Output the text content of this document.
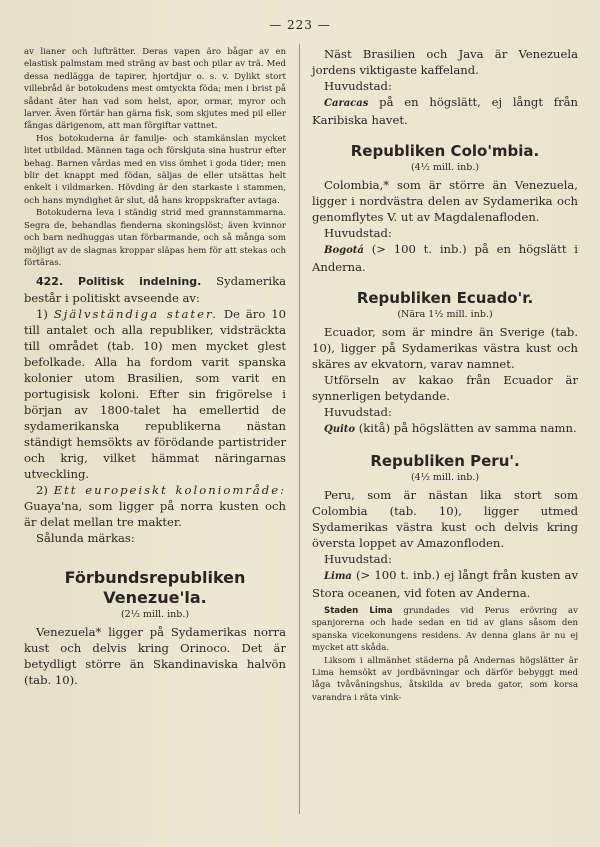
— 223 —

av lianer och lufträtter. Deras vapen äro bågar av en elastisk palmstam med sträng av bast och pilar av trä. Med dessa nedlägga de tapirer, hjortdjur o. s. v. Dylikt stort villebråd är botokudens mest omtyckta föda; men i brist på sådant äter han vad som helst, apor, ormar, myror och larver. Även förtär han gärna fisk, som skjutes med pil eller fångas därigenom, att man förgiftar vattnet.

Hos botokuderna är familje- och stamkänslan mycket litet utbildad. Männen taga och förskjuta sina hustrur efter behag. Barnen vårdas med en viss ömhet i goda tider; men blir det knappt med födan, säljas de eller utsättas helt enkelt i vildmarken. Hövding är den starkaste i stammen, och hans myndighet är slut, då hans kroppskrafter avtaga.

Botokuderna leva i ständig strid med grannstammarna. Segra de, behandlas fienderna skoningslöst; även kvinnor och barn nedhuggas utan förbarmande, och så många som möjligt av de slagnas kroppar släpas hem för att stekas och förtäras.

422. Politisk indelning. Sydamerika består i politiskt avseende av:

1) Självständiga stater. De äro 10 till antalet och alla republiker, vidsträckta till området (tab. 10) men mycket glest befolkade. Alla ha fordom varit spanska kolonier utom Brasilien, som varit en portugisisk koloni. Efter sin frigörelse i början av 1800-talet ha emellertid de sydamerikanska republikerna nästan ständigt hemsökts av förödande partistrider och krig, vilket hämmat näringarnas utveckling.

2) Ett europeiskt koloniområde: Guaya'na, som ligger på norra kusten och är delat mellan tre makter.

Sålunda märkas:

Förbundsrepubliken
Venezue'la.
(2½ mill. inb.)

Venezuela* ligger på Sydamerikas norra kust och delvis kring Orinoco. Det är betydligt större än Skandinaviska halvön (tab. 10).

Näst Brasilien och Java är Venezuela jordens viktigaste kaffeland.

Huvudstad:

Caracas på en högslätt, ej långt från Karibiska havet.

Republiken Colo'mbia.
(4½ mill. inb.)

Colombia,* som är större än Venezuela, ligger i nordvästra delen av Sydamerika och genomflytes V. ut av Magdalenafloden.

Huvudstad:

Bogotá (> 100 t. inb.) på en högslätt i Anderna.

Republiken Ecuado'r.
(Nära 1½ mill. inb.)

Ecuador, som är mindre än Sverige (tab. 10), ligger på Sydamerikas västra kust och skäres av ekvatorn, varav namnet.

Utförseln av kakao från Ecuador är synnerligen betydande.

Huvudstad:

Quito (kitå) på högslätten av samma namn.

Republiken Peru'.
(4½ mill. inb.)

Peru, som är nästan lika stort som Colombia (tab. 10), ligger utmed Sydamerikas västra kust och delvis kring översta loppet av Amazonfloden.

Huvudstad:

Lima (> 100 t. inb.) ej långt från kusten av Stora oceanen, vid foten av Anderna.

Staden Lima grundades vid Perus erövring av spanjorerna och hade sedan en tid av glans såsom den spanska vicekonungens residens. Av denna glans är nu ej mycket att skåda.

Liksom i allmänhet städerna på Andernas högslätter är Lima hemsökt av jordbävningar och därför bebyggt med låga tvåvåningshus, åtskilda av breda gator, som korsa varandra i räta vink-
